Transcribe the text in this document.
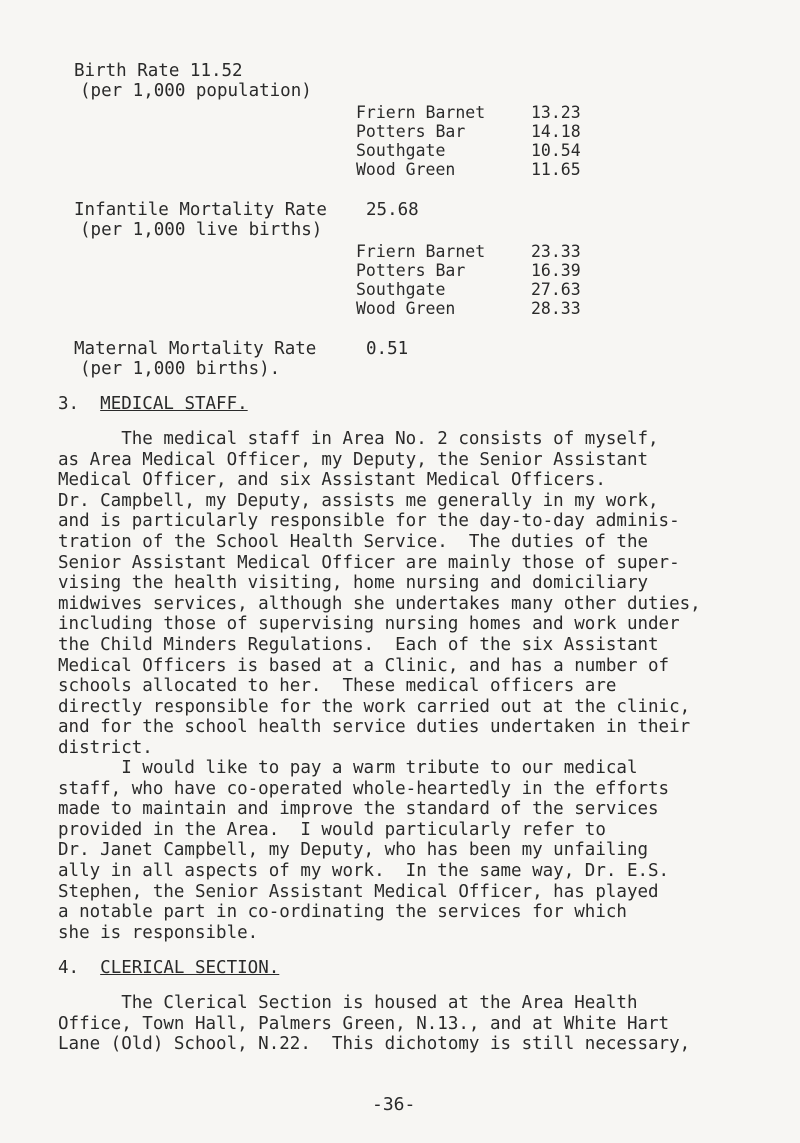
Birth Rate 11.52
(per 1,000 population)
Friern Barnet	13.23
Potters Bar	14.18
Southgate	10.54
Wood Green	11.65
Infantile Mortality Rate 25.68
(per 1,000 live births)
Friern Barnet	23.33
Potters Bar	16.39
Southgate	27.63
Wood Green	28.33
Maternal Mortality Rate	0.51
(per 1,000 births).
3. MEDICAL STAFF.
The medical staff in Area No. 2 consists of myself,
as Area Medical Officer, my Deputy, the Senior Assistant
Medical Officer, and six Assistant Medical Officers.
Dr. Campbell, my Deputy, assists me generally in my work,
and is particularly responsible for the day-to-day adminis-
tration of the School Health Service.  The duties of the
Senior Assistant Medical Officer are mainly those of super-
vising the health visiting, home nursing and domiciliary
midwives services, although she undertakes many other duties,
including those of supervising nursing homes and work under
the Child Minders Regulations.  Each of the six Assistant
Medical Officers is based at a Clinic, and has a number of
schools allocated to her.  These medical officers are
directly responsible for the work carried out at the clinic,
and for the school health service duties undertaken in their
district.
I would like to pay a warm tribute to our medical
staff, who have co-operated whole-heartedly in the efforts
made to maintain and improve the standard of the services
provided in the Area.  I would particularly refer to
Dr. Janet Campbell, my Deputy, who has been my unfailing
ally in all aspects of my work.  In the same way, Dr. E.S.
Stephen, the Senior Assistant Medical Officer, has played
a notable part in co-ordinating the services for which
she is responsible.
4. CLERICAL SECTION.
The Clerical Section is housed at the Area Health
Office, Town Hall, Palmers Green, N.13., and at White Hart
Lane (Old) School, N.22.  This dichotomy is still necessary,
-36-
